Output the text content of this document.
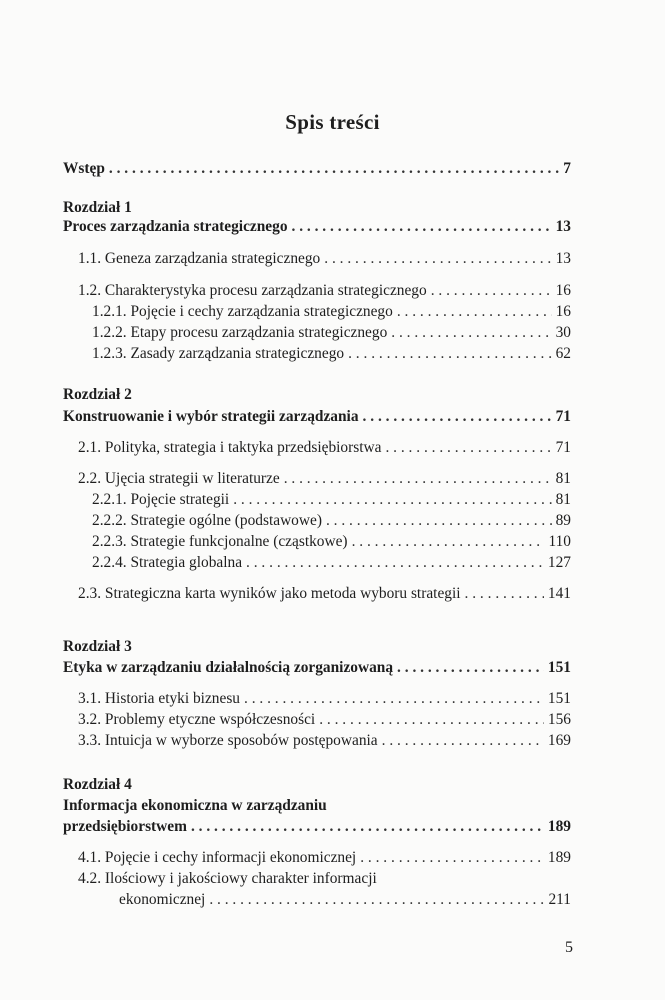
Spis treści
Wstęp . . .	7
Rozdział 1
Proces zarządzania strategicznego . . .	13
1.1. Geneza zarządzania strategicznego . . .	13
1.2. Charakterystyka procesu zarządzania strategicznego . . .	16
1.2.1. Pojęcie i cechy zarządzania strategicznego . . .	16
1.2.2. Etapy procesu zarządzania strategicznego . . .	30
1.2.3. Zasady zarządzania strategicznego . . .	62
Rozdział 2
Konstruowanie i wybór strategii zarządzania . . .	71
2.1. Polityka, strategia i taktyka przedsiębiorstwa . . .	71
2.2. Ujęcia strategii w literaturze . . .	81
2.2.1. Pojęcie strategii . . .	81
2.2.2. Strategie ogólne (podstawowe) . . .	89
2.2.3. Strategie funkcjonalne (cząstkowe) . . .	110
2.2.4. Strategia globalna . . .	127
2.3. Strategiczna karta wyników jako metoda wyboru strategii . . .	141
Rozdział 3
Etyka w zarządzaniu działalnością zorganizowaną . . .	151
3.1. Historia etyki biznesu . . .	151
3.2. Problemy etyczne współczesności . . .	156
3.3. Intuicja w wyborze sposobów postępowania . . .	169
Rozdział 4
Informacja ekonomiczna w zarządzaniu
przedsiębiorstwem . . .	189
4.1. Pojęcie i cechy informacji ekonomicznej . . .	189
4.2. Ilościowy i jakościowy charakter informacji
ekonomicznej . . .	211
5
